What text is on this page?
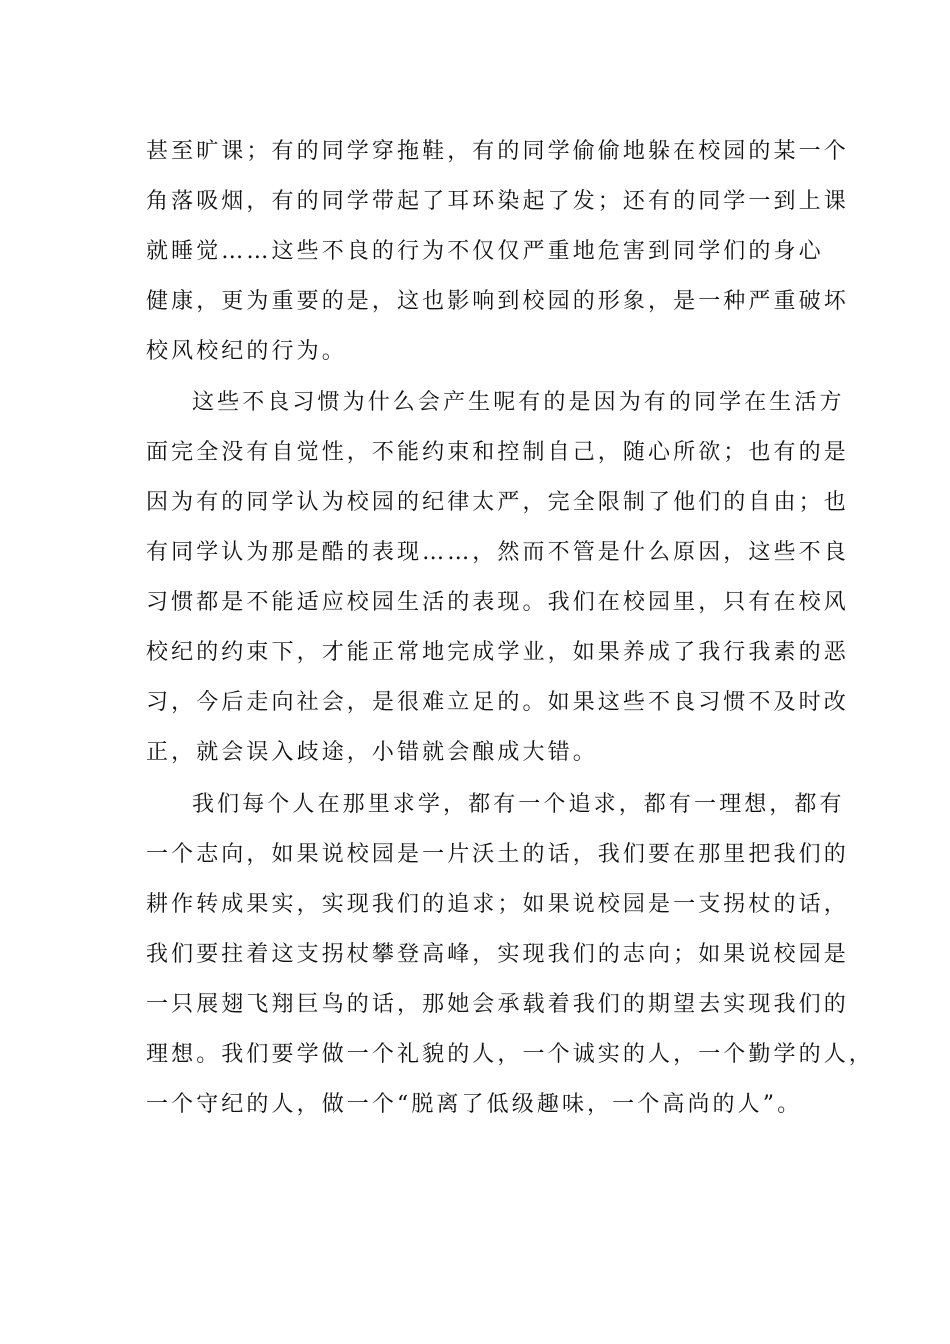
甚至旷课；有的同学穿拖鞋，有的同学偷偷地躲在校园的某一个
角落吸烟，有的同学带起了耳环染起了发；还有的同学一到上课
就睡觉……这些不良的行为不仅仅严重地危害到同学们的身心
健康，更为重要的是，这也影响到校园的形象，是一种严重破坏
校风校纪的行为。
这些不良习惯为什么会产生呢有的是因为有的同学在生活方
面完全没有自觉性，不能约束和控制自己，随心所欲；也有的是
因为有的同学认为校园的纪律太严，完全限制了他们的自由；也
有同学认为那是酷的表现……，然而不管是什么原因，这些不良
习惯都是不能适应校园生活的表现。我们在校园里，只有在校风
校纪的约束下，才能正常地完成学业，如果养成了我行我素的恶
习，今后走向社会，是很难立足的。如果这些不良习惯不及时改
正，就会误入歧途，小错就会酿成大错。
我们每个人在那里求学，都有一个追求，都有一理想，都有
一个志向，如果说校园是一片沃土的话，我们要在那里把我们的
耕作转成果实，实现我们的追求；如果说校园是一支拐杖的话，
我们要拄着这支拐杖攀登高峰，实现我们的志向；如果说校园是
一只展翅飞翔巨鸟的话，那她会承载着我们的期望去实现我们的
理想。我们要学做一个礼貌的人，一个诚实的人，一个勤学的人，
一个守纪的人，做一个“脱离了低级趣味，一个高尚的人”。
